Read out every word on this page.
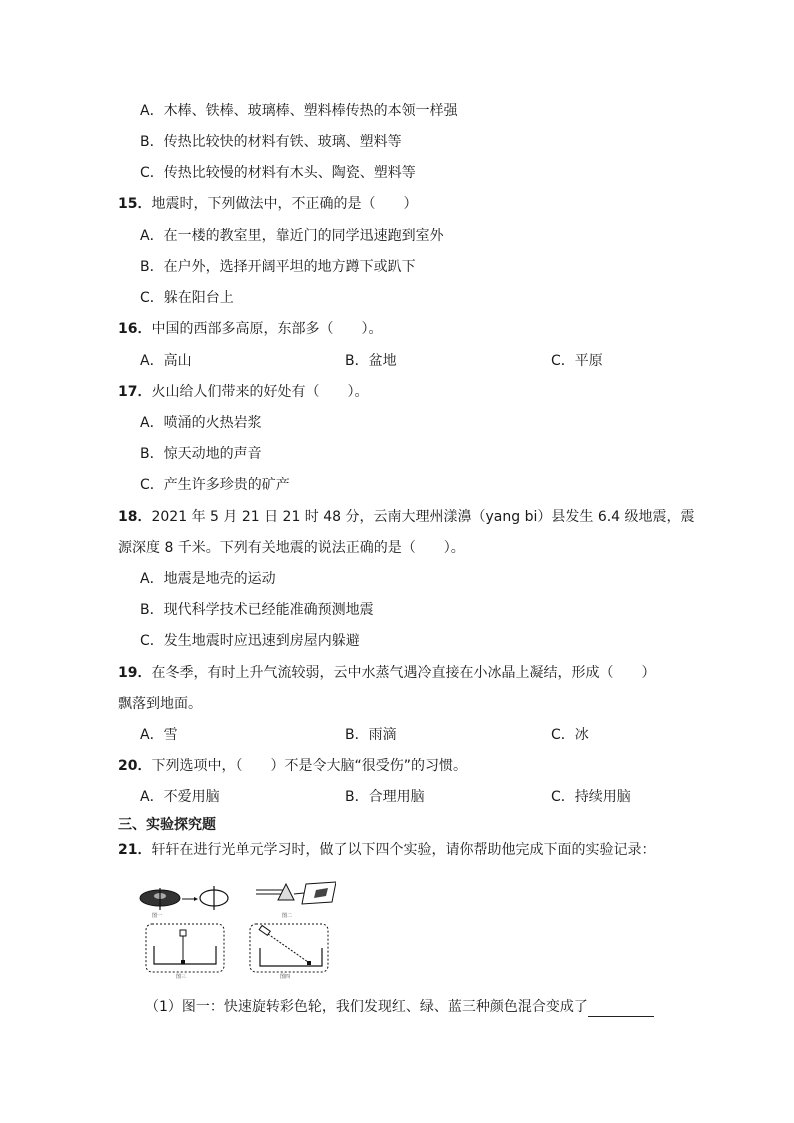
A．木棒、铁棒、玻璃棒、塑料棒传热的本领一样强
B．传热比较快的材料有铁、玻璃、塑料等
C．传热比较慢的材料有木头、陶瓷、塑料等
15．地震时，下列做法中，不正确的是（　　）
A．在一楼的教室里，靠近门的同学迅速跑到室外
B．在户外，选择开阔平坦的地方蹲下或趴下
C．躲在阳台上
16．中国的西部多高原，东部多（　　）。
A．高山	B．盆地	C．平原
17．火山给人们带来的好处有（　　）。
A．喷涌的火热岩浆
B．惊天动地的声音
C．产生许多珍贵的矿产
18．2021 年 5 月 21 日 21 时 48 分，云南大理州漾濞（yang bi）县发生 6.4 级地震，震
源深度 8 千米。下列有关地震的说法正确的是（　　）。
A．地震是地壳的运动
B．现代科学技术已经能准确预测地震
C．发生地震时应迅速到房屋内躲避
19．在冬季，有时上升气流较弱，云中水蒸气遇冷直接在小冰晶上凝结，形成（　　）
飘落到地面。
A．雪	B．雨滴	C．冰
20．下列选项中，（　　）不是令大脑“很受伤”的习惯。
A．不爱用脑	B．合理用脑	C．持续用脑
三、实验探究题
21．轩轩在进行光单元学习时，做了以下四个实验，请你帮助他完成下面的实验记录：
图一	图二
图三	图四
（1）图一：快速旋转彩色轮，我们发现红、绿、蓝三种颜色混合变成了
